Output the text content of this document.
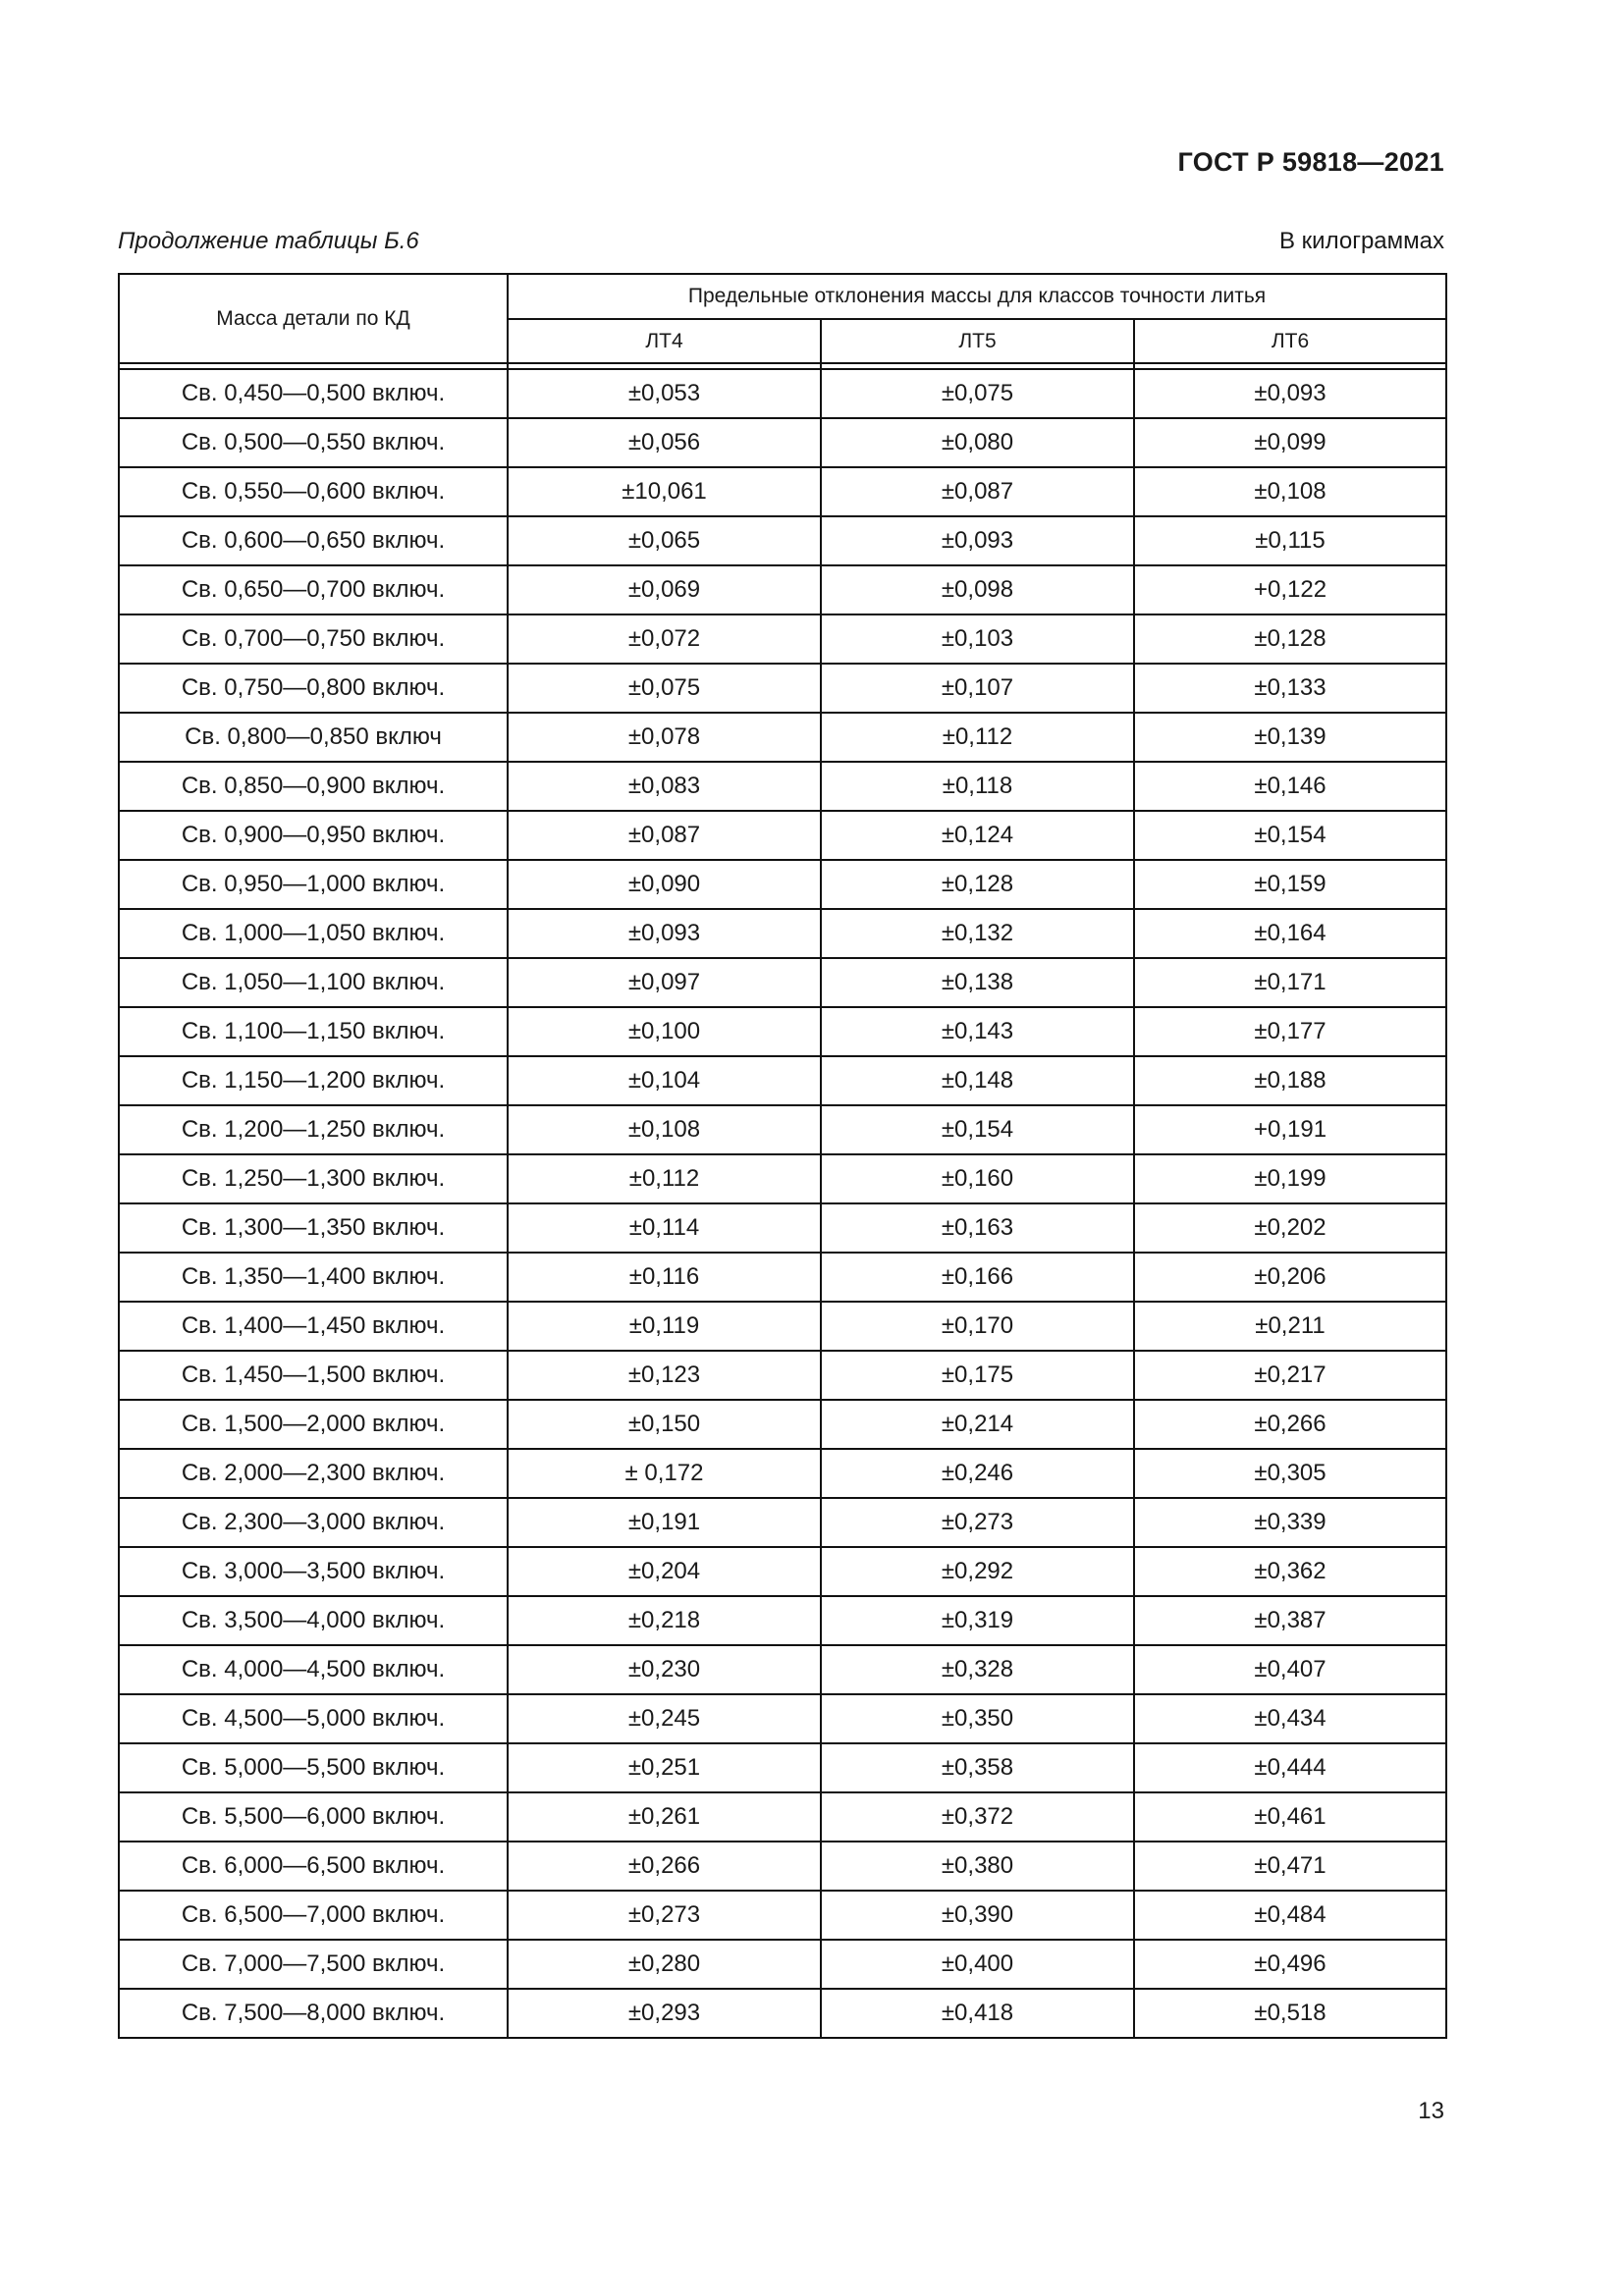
ГОСТ Р 59818—2021
Продолжение таблицы Б.6	В килограммах
Масса детали по КД	Предельные отклонения массы для классов точности литья		
	ЛТ4	ЛТ5	ЛТ6

Св. 0,450—0,500 включ.	±0,053	±0,075	±0,093
Св. 0,500—0,550 включ.	±0,056	±0,080	±0,099
Св. 0,550—0,600 включ.	±10,061	±0,087	±0,108
Св. 0,600—0,650 включ.	±0,065	±0,093	±0,115
Св. 0,650—0,700 включ.	±0,069	±0,098	+0,122
Св. 0,700—0,750 включ.	±0,072	±0,103	±0,128
Св. 0,750—0,800 включ.	±0,075	±0,107	±0,133
Св. 0,800—0,850 включ	±0,078	±0,112	±0,139
Св. 0,850—0,900 включ.	±0,083	±0,118	±0,146
Св. 0,900—0,950 включ.	±0,087	±0,124	±0,154
Св. 0,950—1,000 включ.	±0,090	±0,128	±0,159
Св. 1,000—1,050 включ.	±0,093	±0,132	±0,164
Св. 1,050—1,100 включ.	±0,097	±0,138	±0,171
Св. 1,100—1,150 включ.	±0,100	±0,143	±0,177
Св. 1,150—1,200 включ.	±0,104	±0,148	±0,188
Св. 1,200—1,250 включ.	±0,108	±0,154	+0,191
Св. 1,250—1,300 включ.	±0,112	±0,160	±0,199
Св. 1,300—1,350 включ.	±0,114	±0,163	±0,202
Св. 1,350—1,400 включ.	±0,116	±0,166	±0,206
Св. 1,400—1,450 включ.	±0,119	±0,170	±0,211
Св. 1,450—1,500 включ.	±0,123	±0,175	±0,217
Св. 1,500—2,000 включ.	±0,150	±0,214	±0,266
Св. 2,000—2,300 включ.	± 0,172	±0,246	±0,305
Св. 2,300—3,000 включ.	±0,191	±0,273	±0,339
Св. 3,000—3,500 включ.	±0,204	±0,292	±0,362
Св. 3,500—4,000 включ.	±0,218	±0,319	±0,387
Св. 4,000—4,500 включ.	±0,230	±0,328	±0,407
Св. 4,500—5,000 включ.	±0,245	±0,350	±0,434
Св. 5,000—5,500 включ.	±0,251	±0,358	±0,444
Св. 5,500—6,000 включ.	±0,261	±0,372	±0,461
Св. 6,000—6,500 включ.	±0,266	±0,380	±0,471
Св. 6,500—7,000 включ.	±0,273	±0,390	±0,484
Св. 7,000—7,500 включ.	±0,280	±0,400	±0,496
Св. 7,500—8,000 включ.	±0,293	±0,418	±0,518
13
